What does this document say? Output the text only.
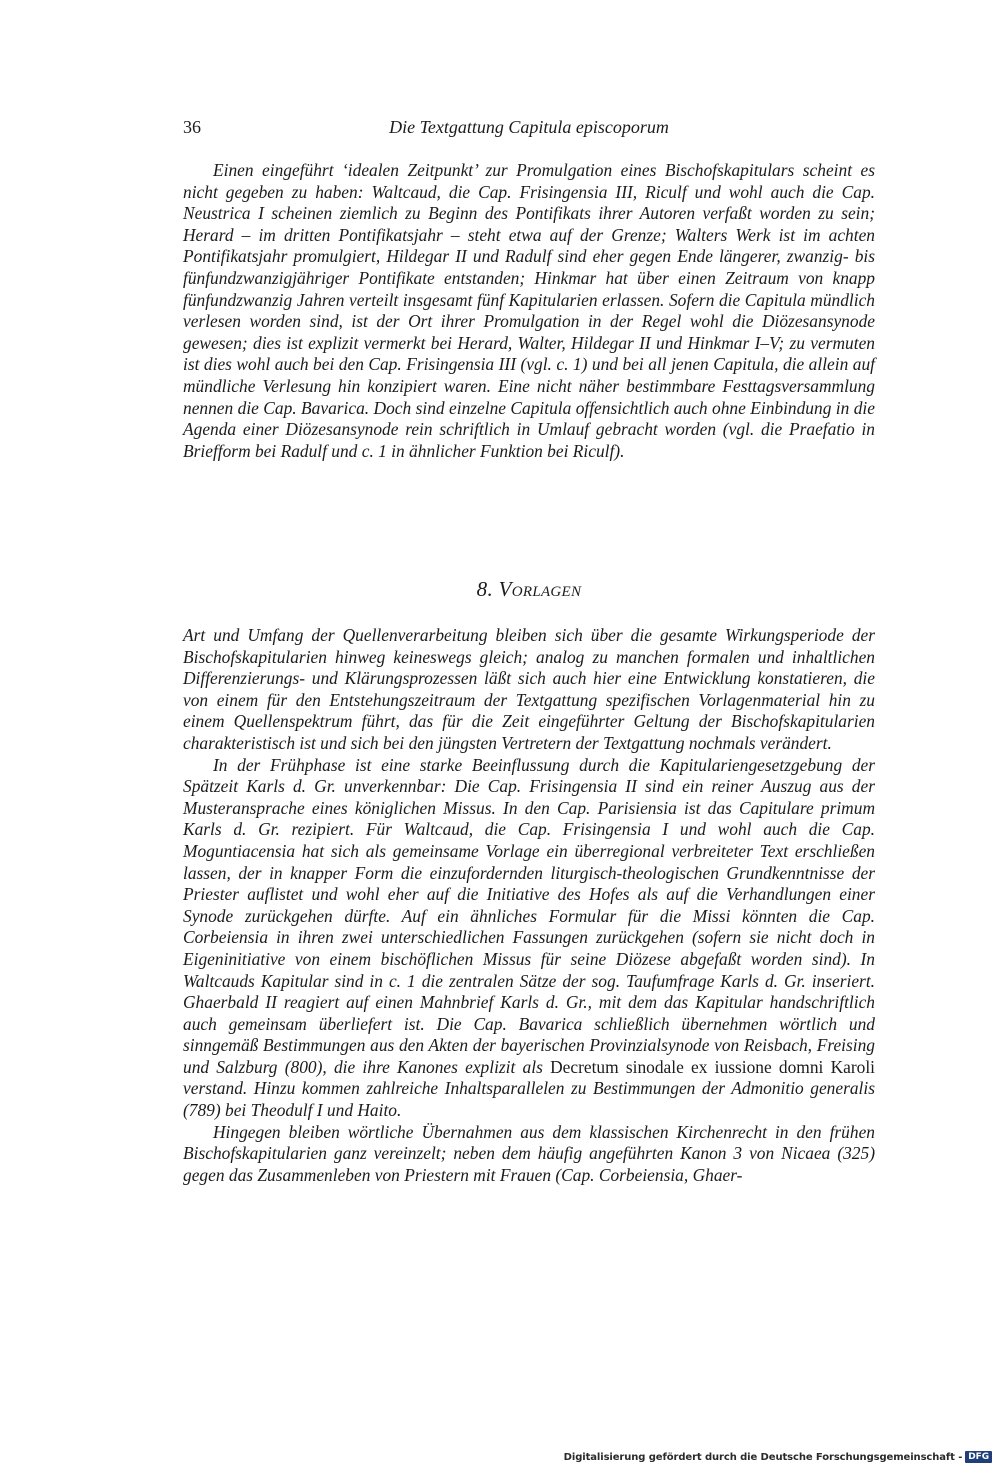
36	Die Textgattung Capitula episcoporum

Einen eingeführt ‘idealen Zeitpunkt’ zur Promulgation eines Bischofskapitulars scheint es nicht gegeben zu haben: Waltcaud, die Cap. Frisingensia III, Riculf und wohl auch die Cap. Neustrica I scheinen ziemlich zu Beginn des Pontifikats ihrer Autoren verfaßt worden zu sein; Herard – im dritten Pontifikatsjahr – steht etwa auf der Grenze; Walters Werk ist im achten Pontifikatsjahr promulgiert, Hildegar II und Radulf sind eher gegen Ende längerer, zwanzig- bis fünfundzwanzigjähriger Pontifikate entstanden; Hinkmar hat über einen Zeitraum von knapp fünfundzwanzig Jahren verteilt insgesamt fünf Kapitularien erlassen. Sofern die Capitula mündlich verlesen worden sind, ist der Ort ihrer Promulgation in der Regel wohl die Diözesansynode gewesen; dies ist explizit vermerkt bei Herard, Walter, Hildegar II und Hinkmar I–V; zu vermuten ist dies wohl auch bei den Cap. Frisingensia III (vgl. c. 1) und bei all jenen Capitula, die allein auf mündliche Verlesung hin konzipiert waren. Eine nicht näher bestimmbare Festtagsversammlung nennen die Cap. Bavarica. Doch sind einzelne Capitula offensichtlich auch ohne Einbindung in die Agenda einer Diözesansynode rein schriftlich in Umlauf gebracht worden (vgl. die Praefatio in Briefform bei Radulf und c. 1 in ähnlicher Funktion bei Riculf).

8. Vorlagen

Art und Umfang der Quellenverarbeitung bleiben sich über die gesamte Wirkungsperiode der Bischofskapitularien hinweg keineswegs gleich; analog zu manchen formalen und inhaltlichen Differenzierungs- und Klärungsprozessen läßt sich auch hier eine Entwicklung konstatieren, die von einem für den Entstehungszeitraum der Textgattung spezifischen Vorlagenmaterial hin zu einem Quellenspektrum führt, das für die Zeit eingeführter Geltung der Bischofskapitularien charakteristisch ist und sich bei den jüngsten Vertretern der Textgattung nochmals verändert.

In der Frühphase ist eine starke Beeinflussung durch die Kapitulariengesetzgebung der Spätzeit Karls d. Gr. unverkennbar: Die Cap. Frisingensia II sind ein reiner Auszug aus der Musteransprache eines königlichen Missus. In den Cap. Parisiensia ist das Capitulare primum Karls d. Gr. rezipiert. Für Waltcaud, die Cap. Frisingensia I und wohl auch die Cap. Moguntiacensia hat sich als gemeinsame Vorlage ein überregional verbreiteter Text erschließen lassen, der in knapper Form die einzufordernden liturgisch-theologischen Grundkenntnisse der Priester auflistet und wohl eher auf die Initiative des Hofes als auf die Verhandlungen einer Synode zurückgehen dürfte. Auf ein ähnliches Formular für die Missi könnten die Cap. Corbeiensia in ihren zwei unterschiedlichen Fassungen zurückgehen (sofern sie nicht doch in Eigeninitiative von einem bischöflichen Missus für seine Diözese abgefaßt worden sind). In Waltcauds Kapitular sind in c. 1 die zentralen Sätze der sog. Taufumfrage Karls d. Gr. inseriert. Ghaerbald II reagiert auf einen Mahnbrief Karls d. Gr., mit dem das Kapitular handschriftlich auch gemeinsam überliefert ist. Die Cap. Bavarica schließlich übernehmen wörtlich und sinngemäß Bestimmungen aus den Akten der bayerischen Provinzialsynode von Reisbach, Freising und Salzburg (800), die ihre Kanones explizit als Decretum sinodale ex iussione domni Karoli verstand. Hinzu kommen zahlreiche Inhaltsparallelen zu Bestimmungen der Admonitio generalis (789) bei Theodulf I und Haito.

Hingegen bleiben wörtliche Übernahmen aus dem klassischen Kirchenrecht in den frühen Bischofskapitularien ganz vereinzelt; neben dem häufig angeführten Kanon 3 von Nicaea (325) gegen das Zusammenleben von Priestern mit Frauen (Cap. Corbeiensia, Ghaer-

Digitalisierung gefördert durch die Deutsche Forschungsgemeinschaft - DFG
